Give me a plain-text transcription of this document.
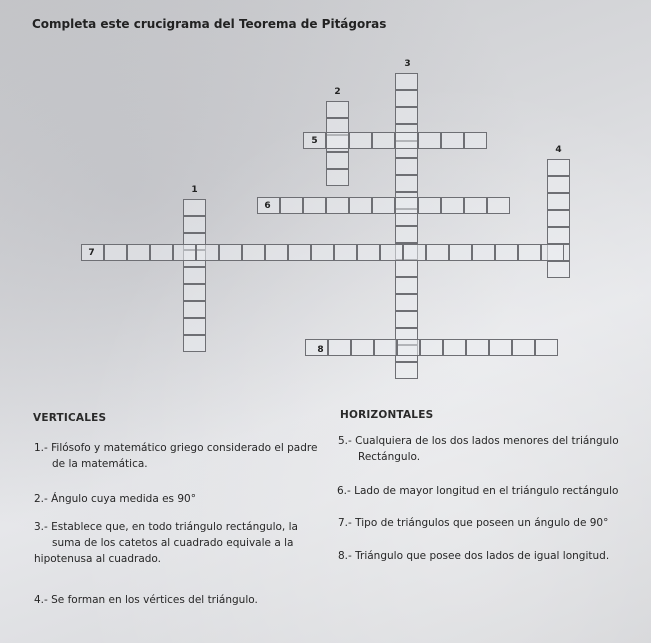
Completa este crucigrama del Teorema de Pitágoras
3
2
5
4
1
6
7
8
VERTICALES	HORIZONTALES
1.- Filósofo y matemático griego considerado el padre
de la matemática.
2.- Ángulo cuya medida es 90°
3.- Establece que, en todo triángulo rectángulo, la
suma de los catetos al cuadrado equivale a la
hipotenusa al cuadrado.
4.- Se forman en los vértices del triángulo.
5.- Cualquiera de los dos lados menores del triángulo
Rectángulo.
6.- Lado de mayor longitud en el triángulo rectángulo
7.- Tipo de triángulos que poseen un ángulo de 90°
8.- Triángulo que posee dos lados de igual longitud.
